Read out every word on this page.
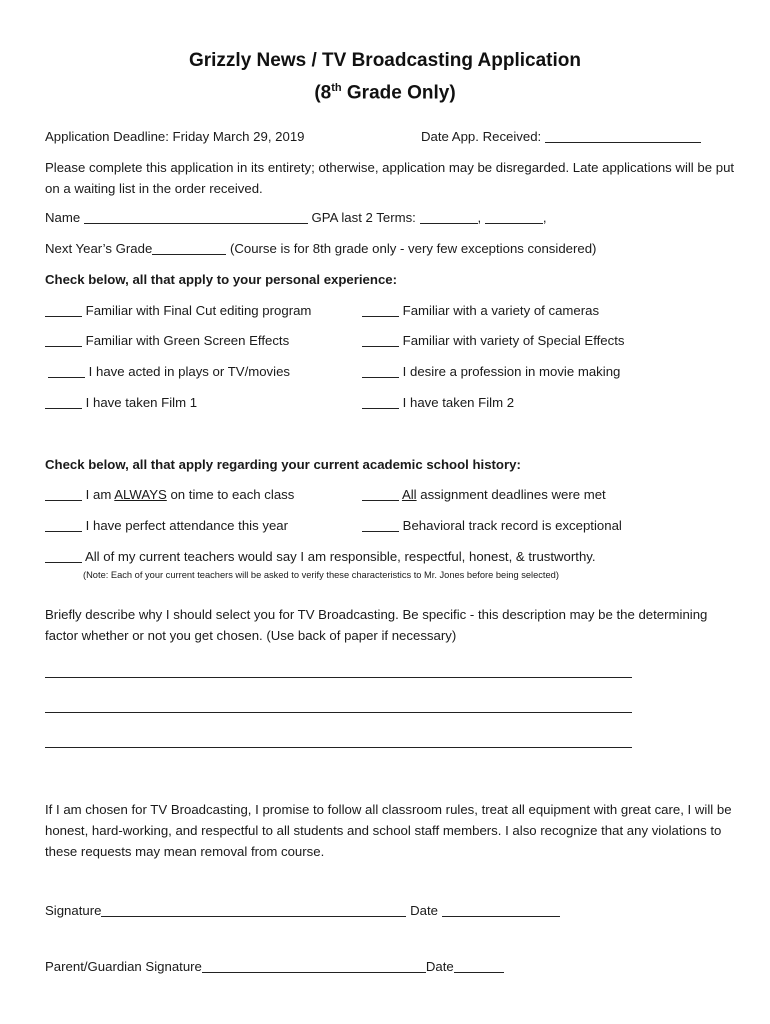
Grizzly News / TV Broadcasting Application
(8th Grade Only)
Application Deadline: Friday March 29, 2019	Date App. Received:
Please complete this application in its entirety; otherwise, application may be disregarded. Late applications will be put on a waiting list in the order received.
Name	GPA last 2 Terms:	,	,
Next Year’s Grade	(Course is for 8th grade only - very few exceptions considered)
Check below, all that apply to your personal experience:
Familiar with Final Cut editing program	Familiar with a variety of cameras
Familiar with Green Screen Effects	Familiar with variety of Special Effects
I have acted in plays or TV/movies	I desire a profession in movie making
I have taken Film 1	I have taken Film 2
Check below, all that apply regarding your current academic school history:
I am ALWAYS on time to each class	All assignment deadlines were met
I have perfect attendance this year	Behavioral track record is exceptional
All of my current teachers would say I am responsible, respectful, honest, & trustworthy.
(Note: Each of your current teachers will be asked to verify these characteristics to Mr. Jones before being selected)
Briefly describe why I should select you for TV Broadcasting. Be specific - this description may be the determining factor whether or not you get chosen. (Use back of paper if necessary)
If I am chosen for TV Broadcasting, I promise to follow all classroom rules, treat all equipment with great care, I will be honest, hard-working, and respectful to all students and school staff members. I also recognize that any violations to these requests may mean removal from course.
Signature	Date
Parent/Guardian Signature	Date
